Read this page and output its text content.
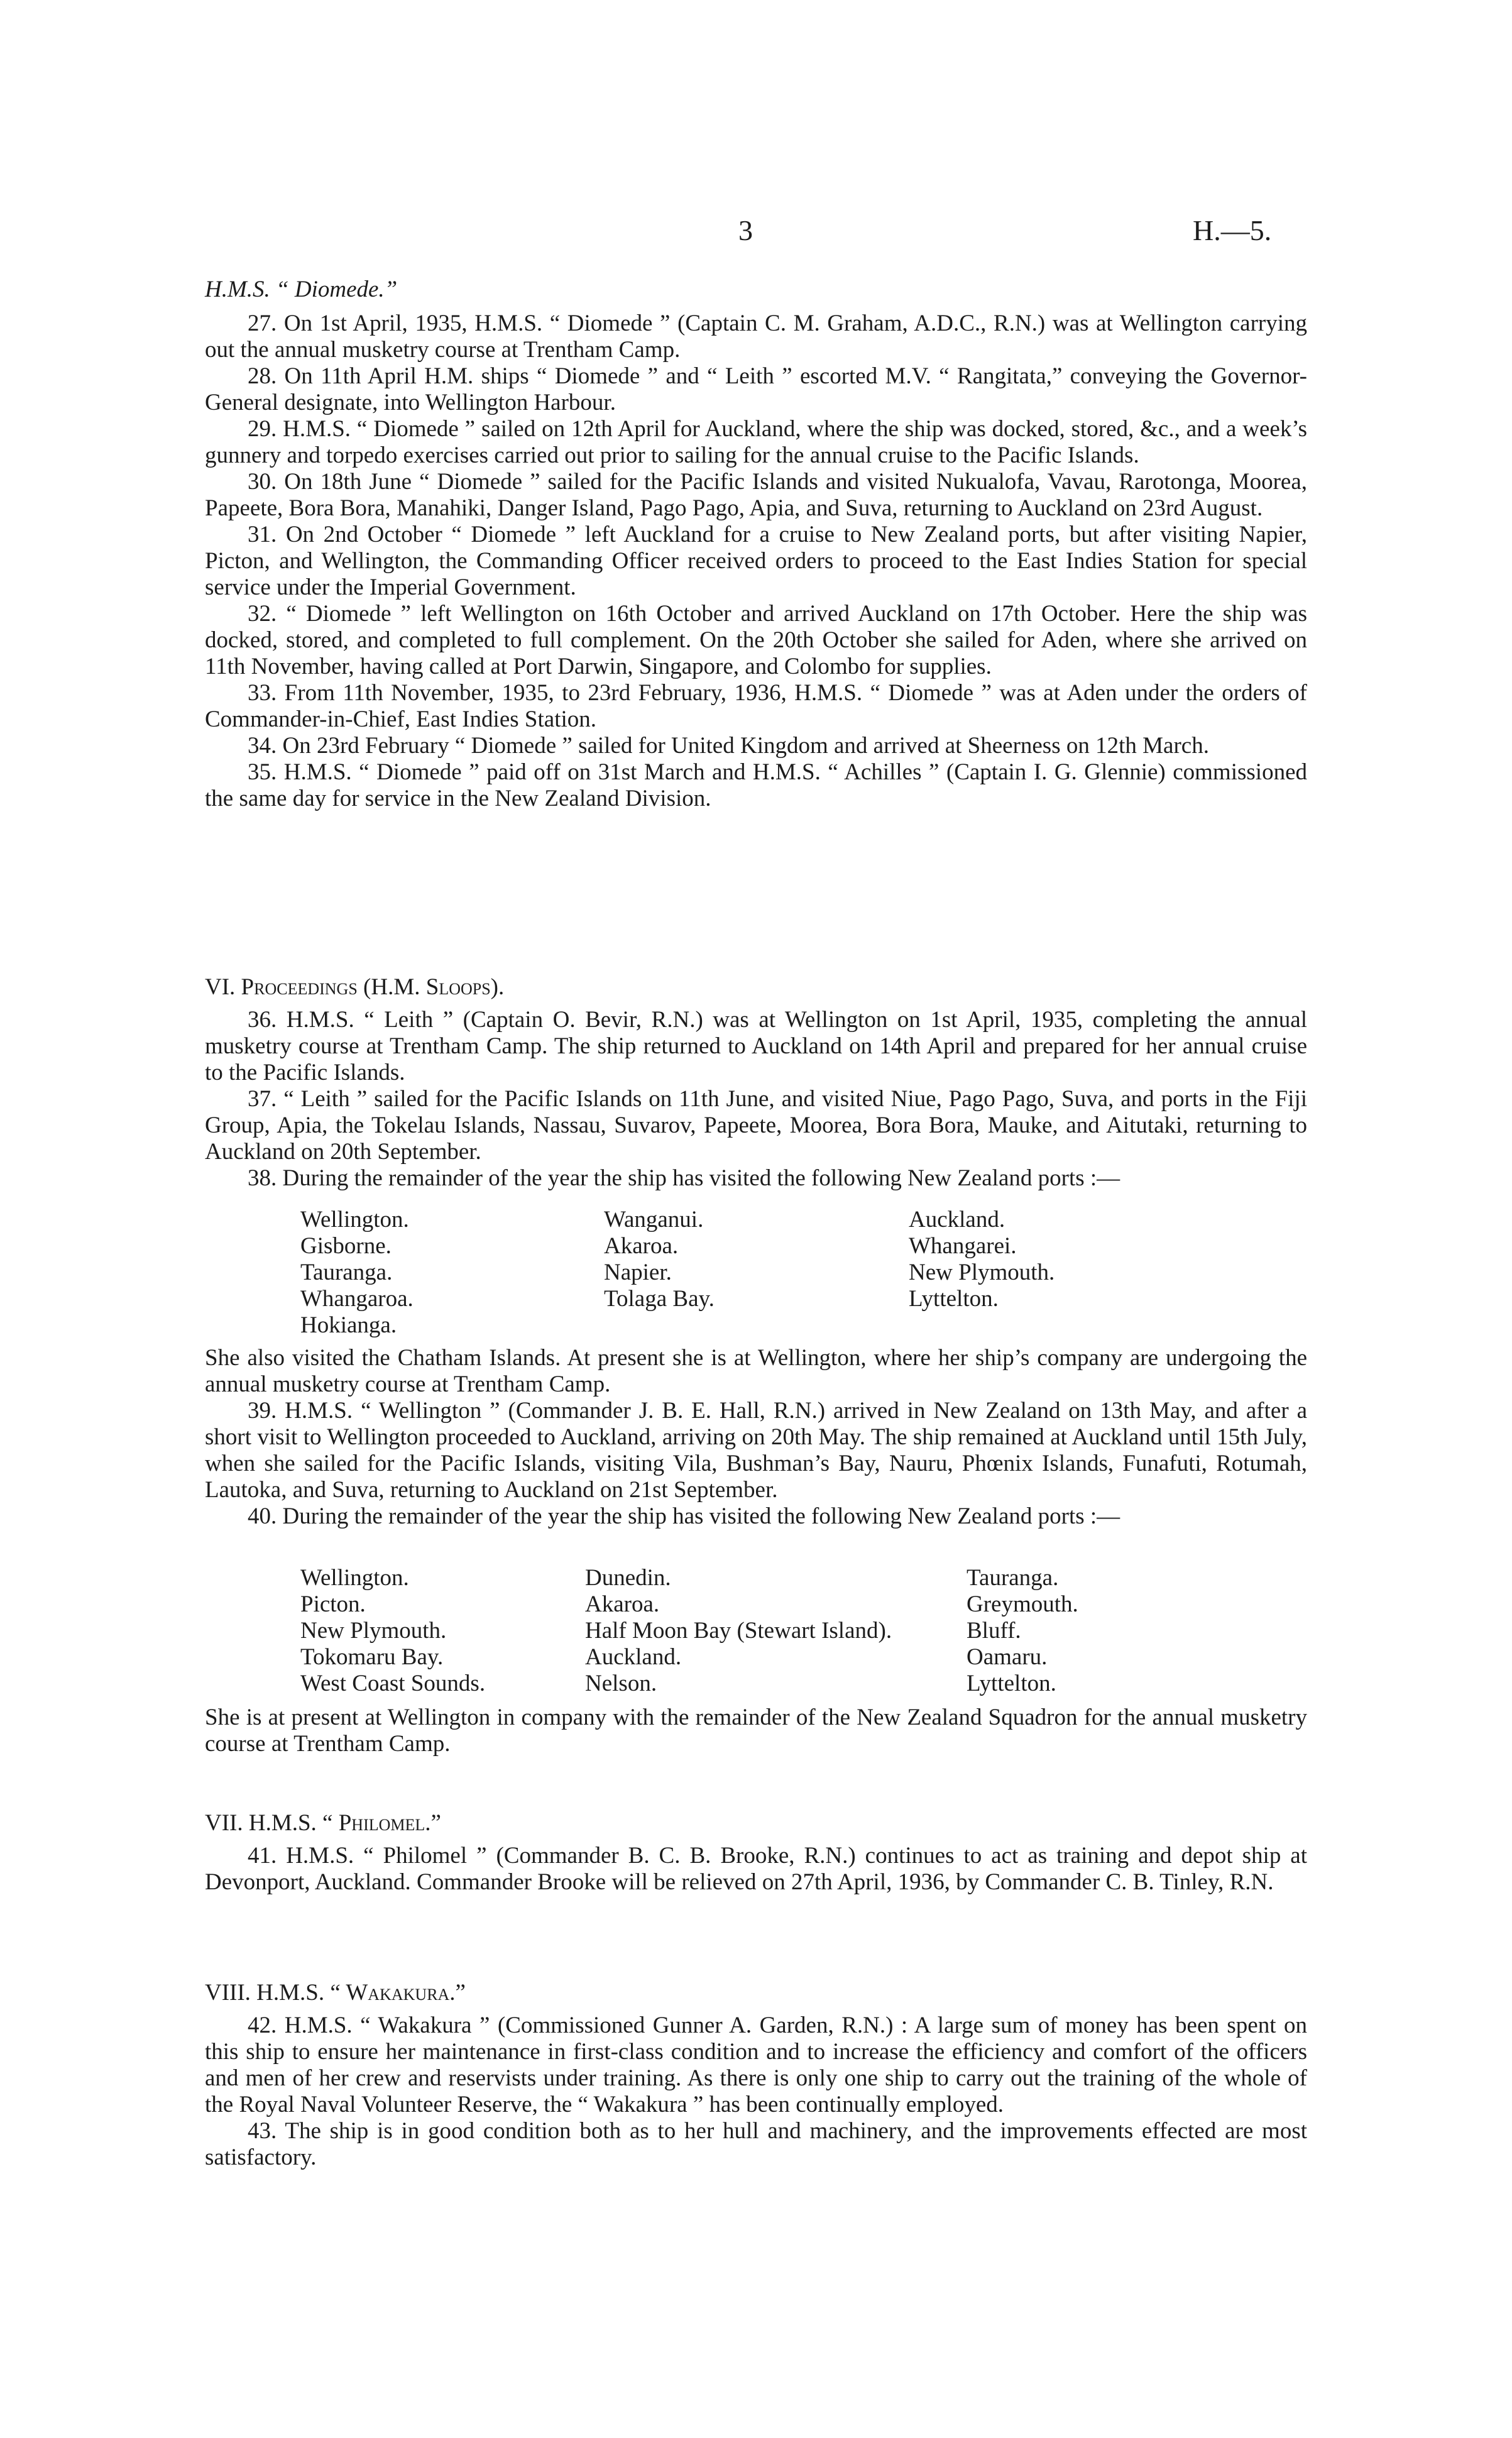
3	H.—5.

H.M.S. “ Diomede.”

27. On 1st April, 1935, H.M.S. “ Diomede ” (Captain C. M. Graham, A.D.C., R.N.) was at Wellington carrying out the annual musketry course at Trentham Camp.

28. On 11th April H.M. ships “ Diomede ” and “ Leith ” escorted M.V. “ Rangitata,” conveying the Governor-General designate, into Wellington Harbour.

29. H.M.S. “ Diomede ” sailed on 12th April for Auckland, where the ship was docked, stored, &c., and a week’s gunnery and torpedo exercises carried out prior to sailing for the annual cruise to the Pacific Islands.

30. On 18th June “ Diomede ” sailed for the Pacific Islands and visited Nukualofa, Vavau, Rarotonga, Moorea, Papeete, Bora Bora, Manahiki, Danger Island, Pago Pago, Apia, and Suva, returning to Auckland on 23rd August.

31. On 2nd October “ Diomede ” left Auckland for a cruise to New Zealand ports, but after visiting Napier, Picton, and Wellington, the Commanding Officer received orders to proceed to the East Indies Station for special service under the Imperial Government.

32. “ Diomede ” left Wellington on 16th October and arrived Auckland on 17th October. Here the ship was docked, stored, and completed to full complement. On the 20th October she sailed for Aden, where she arrived on 11th November, having called at Port Darwin, Singapore, and Colombo for supplies.

33. From 11th November, 1935, to 23rd February, 1936, H.M.S. “ Diomede ” was at Aden under the orders of Commander-in-Chief, East Indies Station.

34. On 23rd February “ Diomede ” sailed for United Kingdom and arrived at Sheerness on 12th March.

35. H.M.S. “ Diomede ” paid off on 31st March and H.M.S. “ Achilles ” (Captain I. G. Glennie) commissioned the same day for service in the New Zealand Division.

VI. Proceedings (H.M. Sloops).

36. H.M.S. “ Leith ” (Captain O. Bevir, R.N.) was at Wellington on 1st April, 1935, completing the annual musketry course at Trentham Camp. The ship returned to Auckland on 14th April and prepared for her annual cruise to the Pacific Islands.

37. “ Leith ” sailed for the Pacific Islands on 11th June, and visited Niue, Pago Pago, Suva, and ports in the Fiji Group, Apia, the Tokelau Islands, Nassau, Suvarov, Papeete, Moorea, Bora Bora, Mauke, and Aitutaki, returning to Auckland on 20th September.

38. During the remainder of the year the ship has visited the following New Zealand ports :—

Wellington.
Gisborne.
Tauranga.
Whangaroa.
Hokianga.
Wanganui.
Akaroa.
Napier.
Tolaga Bay.
Auckland.
Whangarei.
New Plymouth.
Lyttelton.

She also visited the Chatham Islands. At present she is at Wellington, where her ship’s company are undergoing the annual musketry course at Trentham Camp.

39. H.M.S. “ Wellington ” (Commander J. B. E. Hall, R.N.) arrived in New Zealand on 13th May, and after a short visit to Wellington proceeded to Auckland, arriving on 20th May. The ship remained at Auckland until 15th July, when she sailed for the Pacific Islands, visiting Vila, Bushman’s Bay, Nauru, Phœnix Islands, Funafuti, Rotumah, Lautoka, and Suva, returning to Auckland on 21st September.

40. During the remainder of the year the ship has visited the following New Zealand ports :—

Wellington.
Picton.
New Plymouth.
Tokomaru Bay.
West Coast Sounds.
Dunedin.
Akaroa.
Half Moon Bay (Stewart Island).
Auckland.
Nelson.
Tauranga.
Greymouth.
Bluff.
Oamaru.
Lyttelton.

She is at present at Wellington in company with the remainder of the New Zealand Squadron for the annual musketry course at Trentham Camp.

VII. H.M.S. “ Philomel.”

41. H.M.S. “ Philomel ” (Commander B. C. B. Brooke, R.N.) continues to act as training and depot ship at Devonport, Auckland. Commander Brooke will be relieved on 27th April, 1936, by Commander C. B. Tinley, R.N.

VIII. H.M.S. “ Wakakura.”

42. H.M.S. “ Wakakura ” (Commissioned Gunner A. Garden, R.N.) : A large sum of money has been spent on this ship to ensure her maintenance in first-class condition and to increase the efficiency and comfort of the officers and men of her crew and reservists under training. As there is only one ship to carry out the training of the whole of the Royal Naval Volunteer Reserve, the “ Wakakura ” has been continually employed.

43. The ship is in good condition both as to her hull and machinery, and the improvements effected are most satisfactory.
